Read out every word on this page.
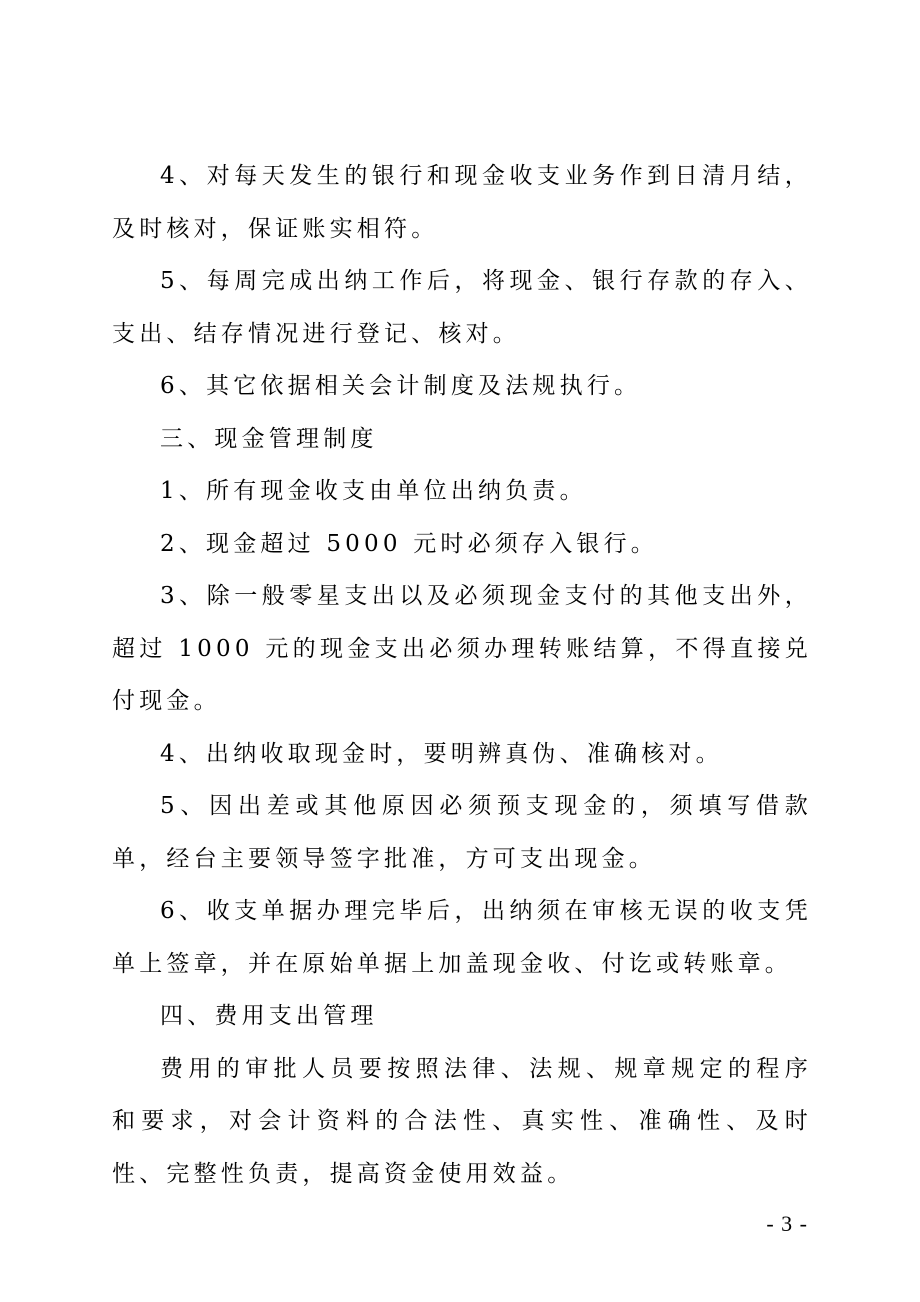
4、对每天发生的银行和现金收支业务作到日清月结，及时核对，保证账实相符。

5、每周完成出纳工作后，将现金、银行存款的存入、支出、结存情况进行登记、核对。

6、其它依据相关会计制度及法规执行。

三、现金管理制度

1、所有现金收支由单位出纳负责。

2、现金超过 5000 元时必须存入银行。

3、除一般零星支出以及必须现金支付的其他支出外，超过 1000 元的现金支出必须办理转账结算，不得直接兑付现金。

4、出纳收取现金时，要明辨真伪、准确核对。

5、因出差或其他原因必须预支现金的，须填写借款单，经台主要领导签字批准，方可支出现金。

6、收支单据办理完毕后，出纳须在审核无误的收支凭单上签章，并在原始单据上加盖现金收、付讫或转账章。

四、费用支出管理

费用的审批人员要按照法律、法规、规章规定的程序和要求，对会计资料的合法性、真实性、准确性、及时性、完整性负责，提高资金使用效益。

- 3 -
